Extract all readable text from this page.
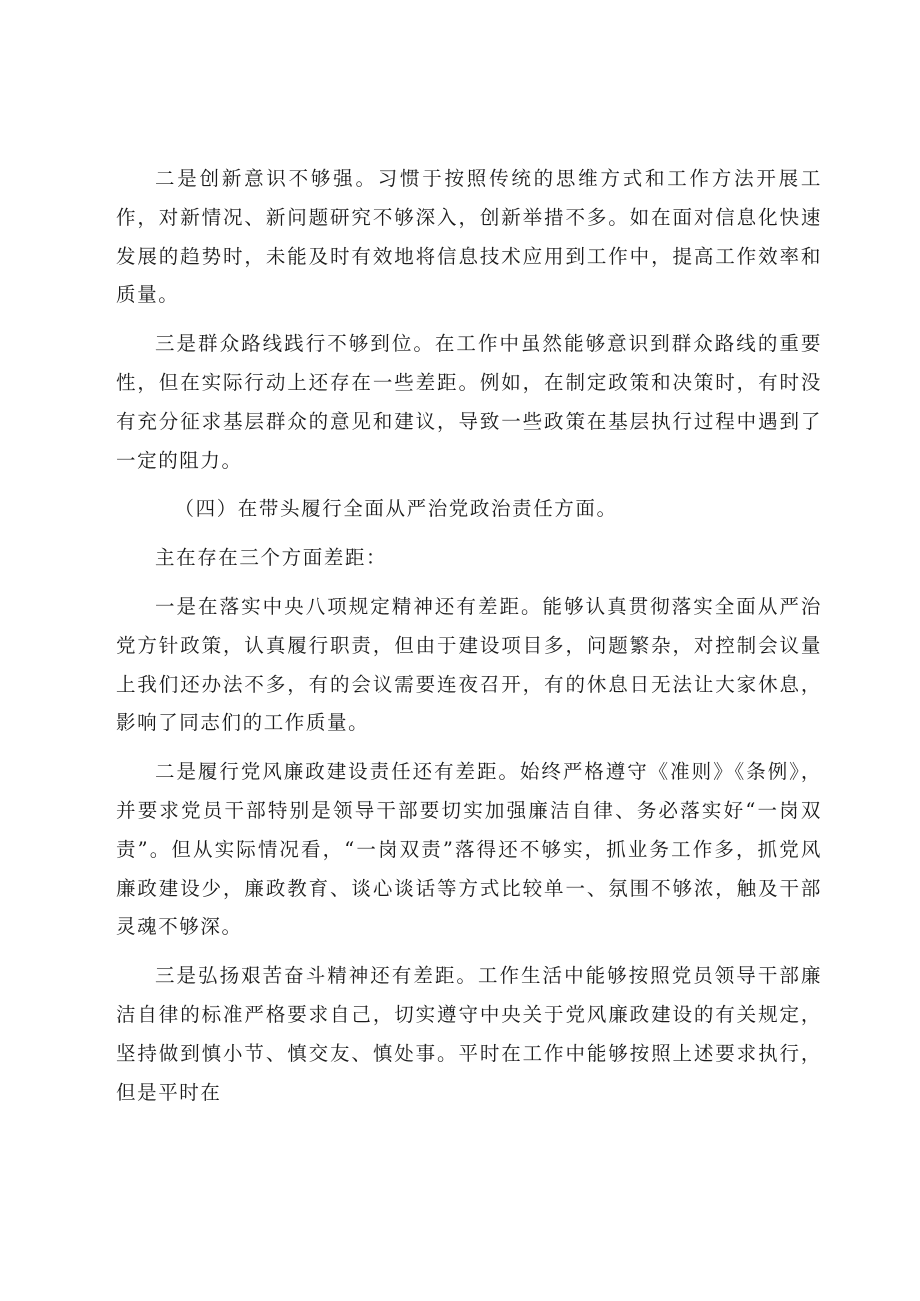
二是创新意识不够强。习惯于按照传统的思维方式和工作方法开展工作，对新情况、新问题研究不够深入，创新举措不多。如在面对信息化快速发展的趋势时，未能及时有效地将信息技术应用到工作中，提高工作效率和质量。

三是群众路线践行不够到位。在工作中虽然能够意识到群众路线的重要性，但在实际行动上还存在一些差距。例如，在制定政策和决策时，有时没有充分征求基层群众的意见和建议，导致一些政策在基层执行过程中遇到了一定的阻力。

（四）在带头履行全面从严治党政治责任方面。

主在存在三个方面差距：

一是在落实中央八项规定精神还有差距。能够认真贯彻落实全面从严治党方针政策，认真履行职责，但由于建设项目多，问题繁杂，对控制会议量上我们还办法不多，有的会议需要连夜召开，有的休息日无法让大家休息，影响了同志们的工作质量。

二是履行党风廉政建设责任还有差距。始终严格遵守《准则》《条例》，并要求党员干部特别是领导干部要切实加强廉洁自律、务必落实好“一岗双责”。但从实际情况看，“一岗双责”落得还不够实，抓业务工作多，抓党风廉政建设少，廉政教育、谈心谈话等方式比较单一、氛围不够浓，触及干部灵魂不够深。

三是弘扬艰苦奋斗精神还有差距。工作生活中能够按照党员领导干部廉洁自律的标准严格要求自己，切实遵守中央关于党风廉政建设的有关规定，坚持做到慎小节、慎交友、慎处事。平时在工作中能够按照上述要求执行，但是平时在
